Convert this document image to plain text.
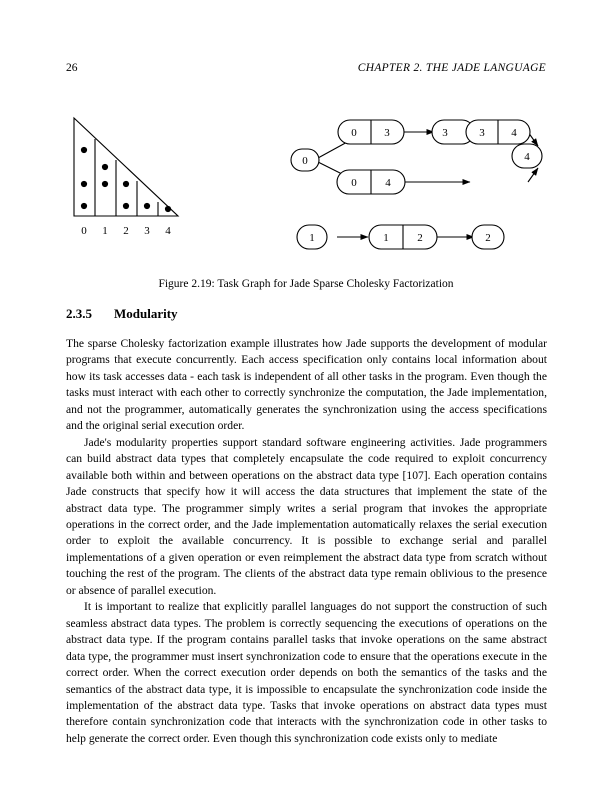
26	CHAPTER 2. THE JADE LANGUAGE
0 1 2 3 4
0
0	3	3	3 4
0	4
4
1	1	2	2
Figure 2.19: Task Graph for Jade Sparse Cholesky Factorization
2.3.5 Modularity

The sparse Cholesky factorization example illustrates how Jade supports the development of modular programs that execute concurrently. Each access specification only contains local information about how its task accesses data - each task is independent of all other tasks in the program. Even though the tasks must interact with each other to correctly synchronize the computation, the Jade implementation, and not the programmer, automatically generates the synchronization using the access specifications and the original serial execution order.

Jade's modularity properties support standard software engineering activities. Jade programmers can build abstract data types that completely encapsulate the code required to exploit concurrency available both within and between operations on the abstract data type [107]. Each operation contains Jade constructs that specify how it will access the data structures that implement the state of the abstract data type. The programmer simply writes a serial program that invokes the appropriate operations in the correct order, and the Jade implementation automatically relaxes the serial execution order to exploit the available concurrency. It is possible to exchange serial and parallel implementations of a given operation or even reimplement the abstract data type from scratch without touching the rest of the program. The clients of the abstract data type remain oblivious to the presence or absence of parallel execution.

It is important to realize that explicitly parallel languages do not support the construction of such seamless abstract data types. The problem is correctly sequencing the executions of operations on the abstract data type. If the program contains parallel tasks that invoke operations on the same abstract data type, the programmer must insert synchronization code to ensure that the operations execute in the correct order. When the correct execution order depends on both the semantics of the tasks and the semantics of the abstract data type, it is impossible to encapsulate the synchronization code inside the implementation of the abstract data type. Tasks that invoke operations on abstract data types must therefore contain synchronization code that interacts with the synchronization code in other tasks to help generate the correct order. Even though this synchronization code exists only to mediate
